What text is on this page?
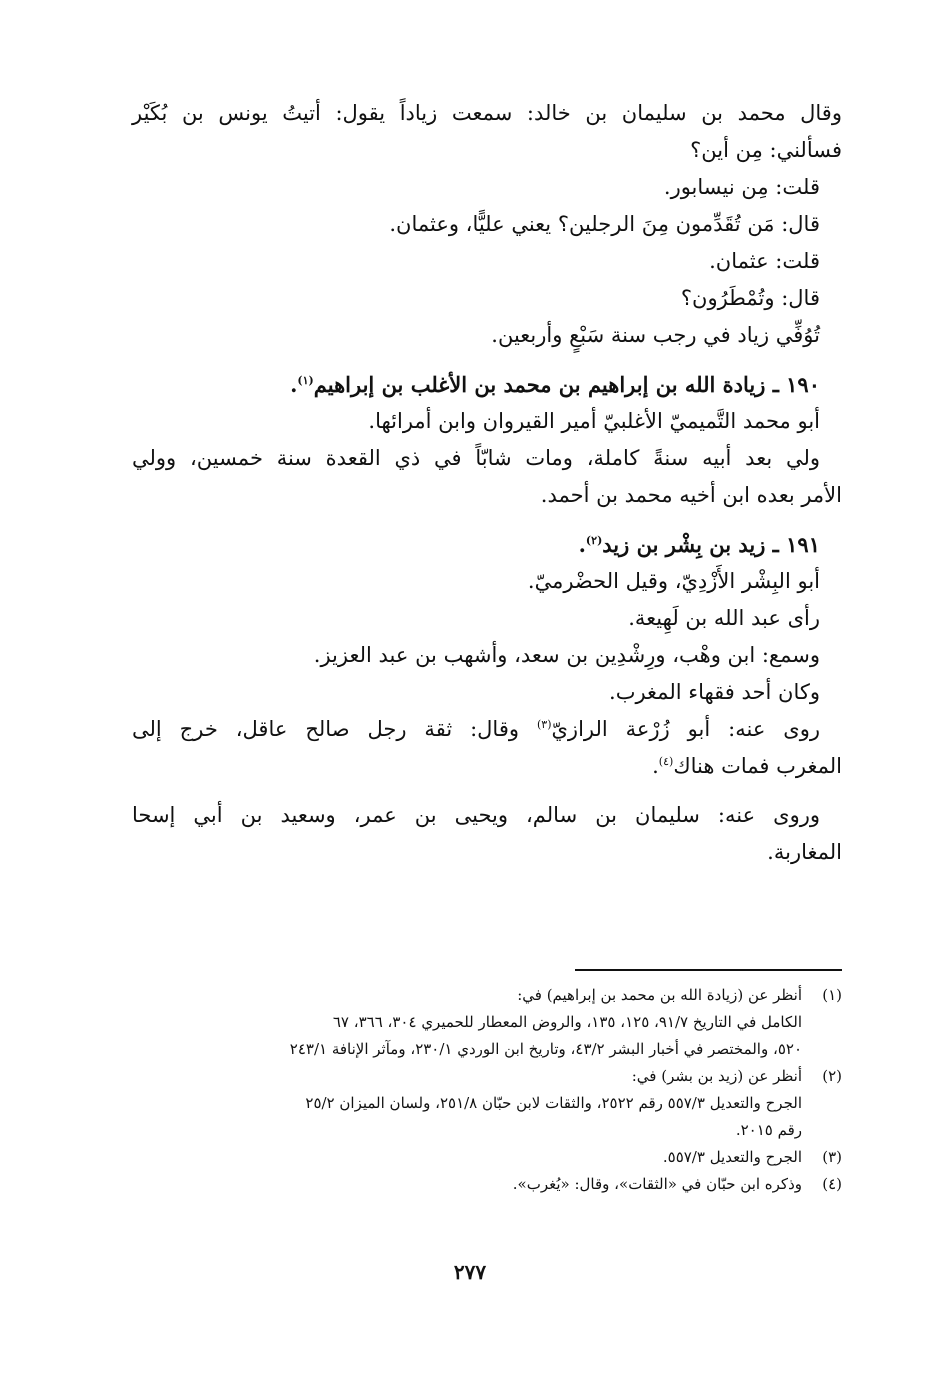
وقال محمد بن سليمان بن خالد: سمعت زياداً يقول: أتيتُ يونس بن بُكَيْر
فسألني: مِن أين؟
قلت: مِن نيسابور.
قال: مَن تُقَدِّمون مِنَ الرجلين؟ يعني عليًّا، وعثمان.
قلت: عثمان.
قال: وتُمْطَرُون؟
تُوُفِّي زياد في رجب سنة سَبْعٍ وأربعين.
١٩٠ ـ زيادة الله بن إبراهيم بن محمد بن الأغلب بن إبراهيم$^{(١)}$.
أبو محمد التَّميميّ الأغلبيّ أمير القيروان وابن أمرائها.
ولي بعد أبيه سنةً كاملة، ومات شابّاً في ذي القعدة سنة خمسين، وولي
الأمر بعده ابن أخيه محمد بن أحمد.
١٩١ ـ زيد بن بِشْر بن زيد$^{(٢)}$.
أبو البِشْر الأَزْدِيّ، وقيل الحضْرميّ.
رأى عبد الله بن لَهِيعة.
وسمع: ابن وهْب، ورِشْدِين بن سعد، وأشهب بن عبد العزيز.
وكان أحد فقهاء المغرب.
روى عنه: أبو زُرْعة الرازيّ$^{(٣)}$ وقال: ثقة رجل صالح عاقل، خرج إلى
المغرب فمات هناك$^{(٤)}$.
وروى عنه: سليمان بن سالم، ويحيى بن عمر، وسعيد بن أبي إسحا
المغاربة.
(١)أنظر عن (زيادة الله بن محمد بن إبراهيم) في:
الكامل في التاريخ ٩١/٧، ١٢٥، ١٣٥، والروض المعطار للحميري ٣٠٤، ٣٦٦، ٦٧
٥٢٠، والمختصر في أخبار البشر ٤٣/٢، وتاريخ ابن الوردي ٢٣٠/١، ومآثر الإنافة ٢٤٣/١
(٢)أنظر عن (زيد بن بشر) في:
الجرح والتعديل ٥٥٧/٣ رقم ٢٥٢٢، والثقات لابن حبّان ٢٥١/٨، ولسان الميزان ٢٥/٢
رقم ٢٠١٥.
(٣)الجرح والتعديل ٥٥٧/٣.
(٤)وذكره ابن حبّان في «الثقات»، وقال: «يُغرب».
٢٧٧
